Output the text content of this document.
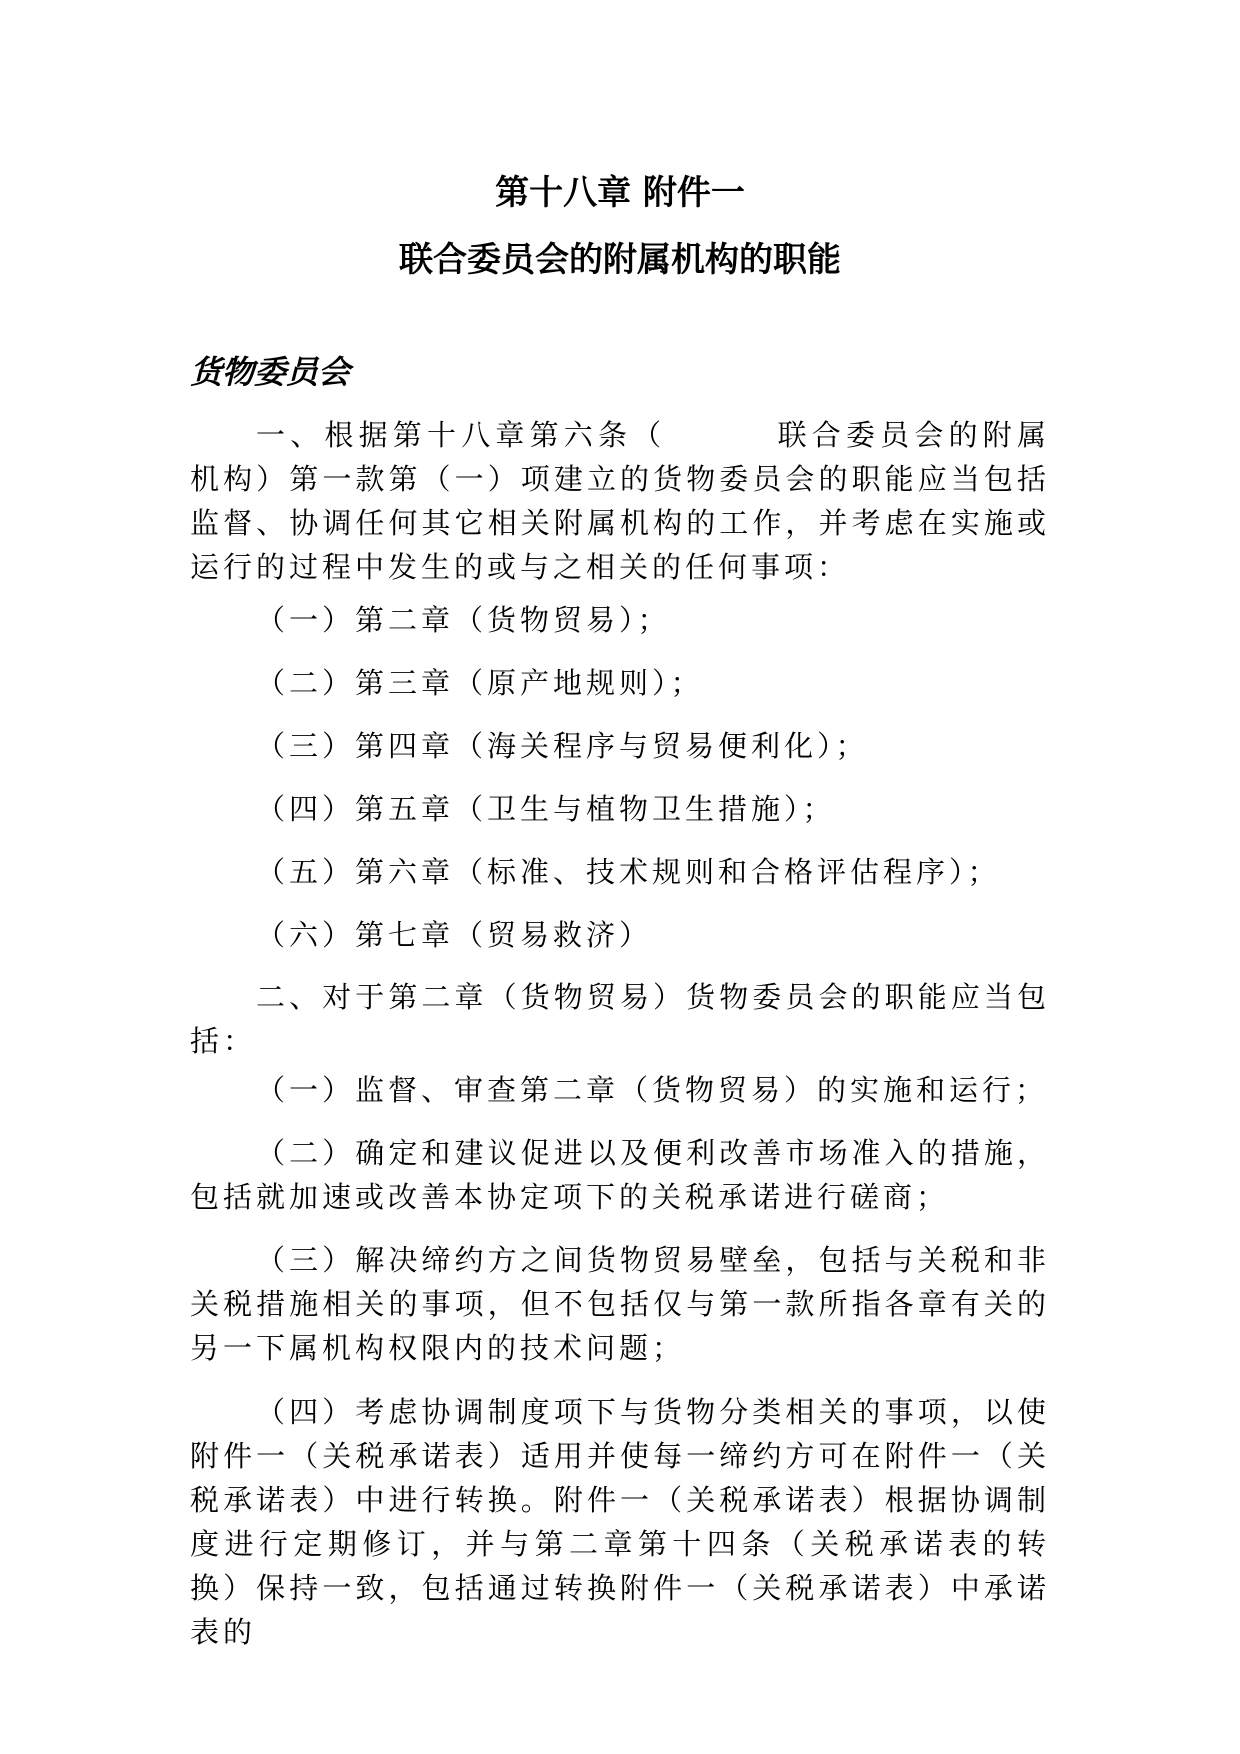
第十八章 附件一
联合委员会的附属机构的职能
货物委员会

一、根据第十八章第六条（	联合委员会的附属机构）第一款第（一）项建立的货物委员会的职能应当包括监督、协调任何其它相关附属机构的工作，并考虑在实施或运行的过程中发生的或与之相关的任何事项：

（一）第二章（货物贸易）；

（二）第三章（原产地规则）；

（三）第四章（海关程序与贸易便利化）；

（四）第五章（卫生与植物卫生措施）；

（五）第六章（标准、技术规则和合格评估程序）；

（六）第七章（贸易救济）

二、对于第二章（货物贸易）货物委员会的职能应当包括：

（一）监督、审查第二章（货物贸易）的实施和运行；

（二）确定和建议促进以及便利改善市场准入的措施，包括就加速或改善本协定项下的关税承诺进行磋商；

（三）解决缔约方之间货物贸易壁垒，包括与关税和非关税措施相关的事项，但不包括仅与第一款所指各章有关的另一下属机构权限内的技术问题；

（四）考虑协调制度项下与货物分类相关的事项，以使附件一（关税承诺表）适用并使每一缔约方可在附件一（关税承诺表）中进行转换。附件一（关税承诺表）根据协调制度进行定期修订，并与第二章第十四条（关税承诺表的转换）保持一致，包括通过转换附件一（关税承诺表）中承诺表的
